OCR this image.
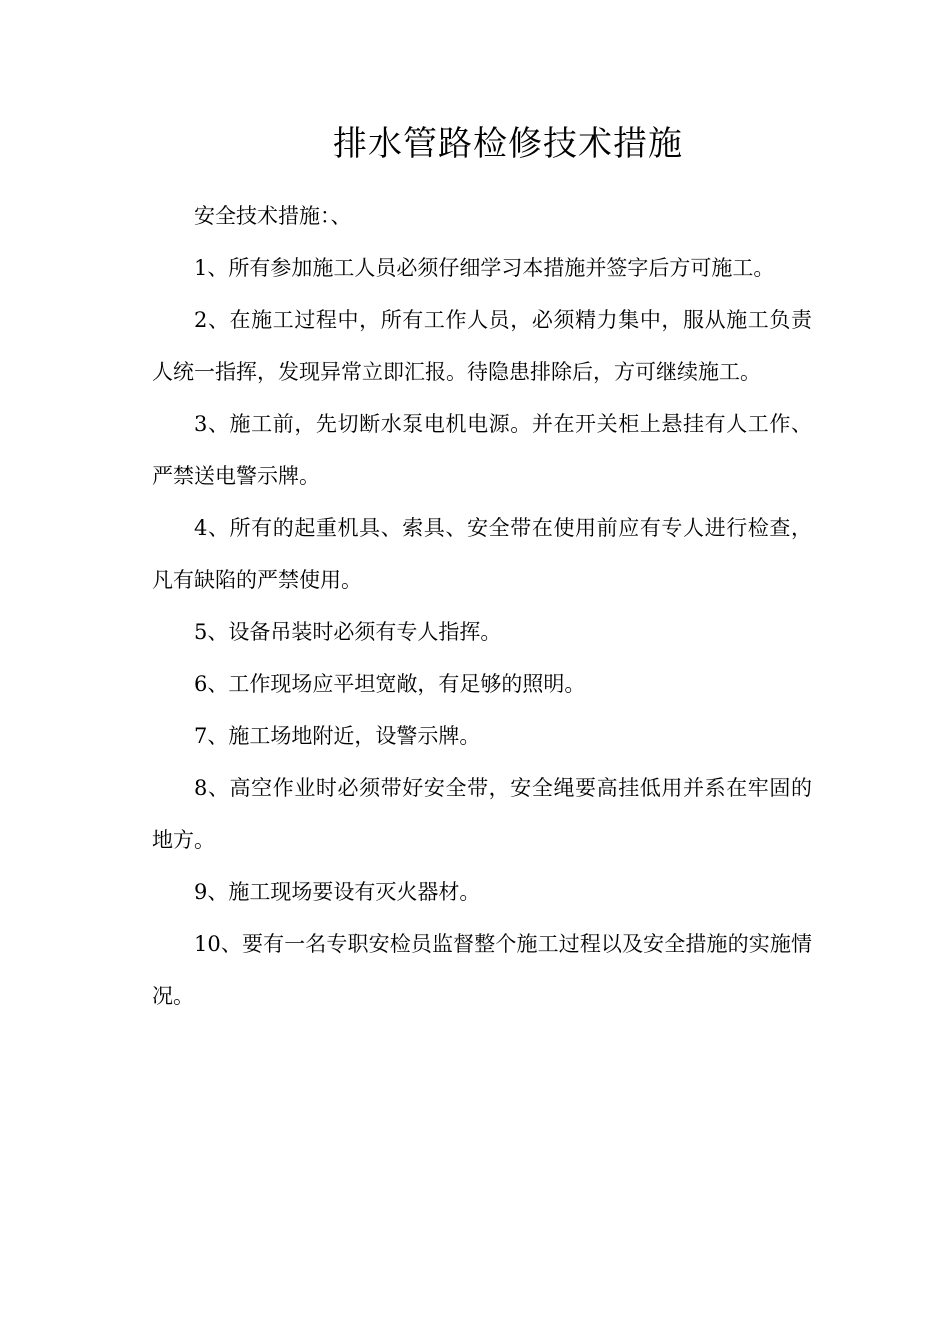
排水管路检修技术措施

安全技术措施：、

1、所有参加施工人员必须仔细学习本措施并签字后方可施工。

2、在施工过程中，所有工作人员，必须精力集中，服从施工负责人统一指挥，发现异常立即汇报。待隐患排除后，方可继续施工。

3、施工前，先切断水泵电机电源。并在开关柜上悬挂有人工作、严禁送电警示牌。

4、所有的起重机具、索具、安全带在使用前应有专人进行检查，凡有缺陷的严禁使用。

5、设备吊装时必须有专人指挥。

6、工作现场应平坦宽敞，有足够的照明。

7、施工场地附近，设警示牌。

8、高空作业时必须带好安全带，安全绳要高挂低用并系在牢固的地方。

9、施工现场要设有灭火器材。

10、要有一名专职安检员监督整个施工过程以及安全措施的实施情况。
